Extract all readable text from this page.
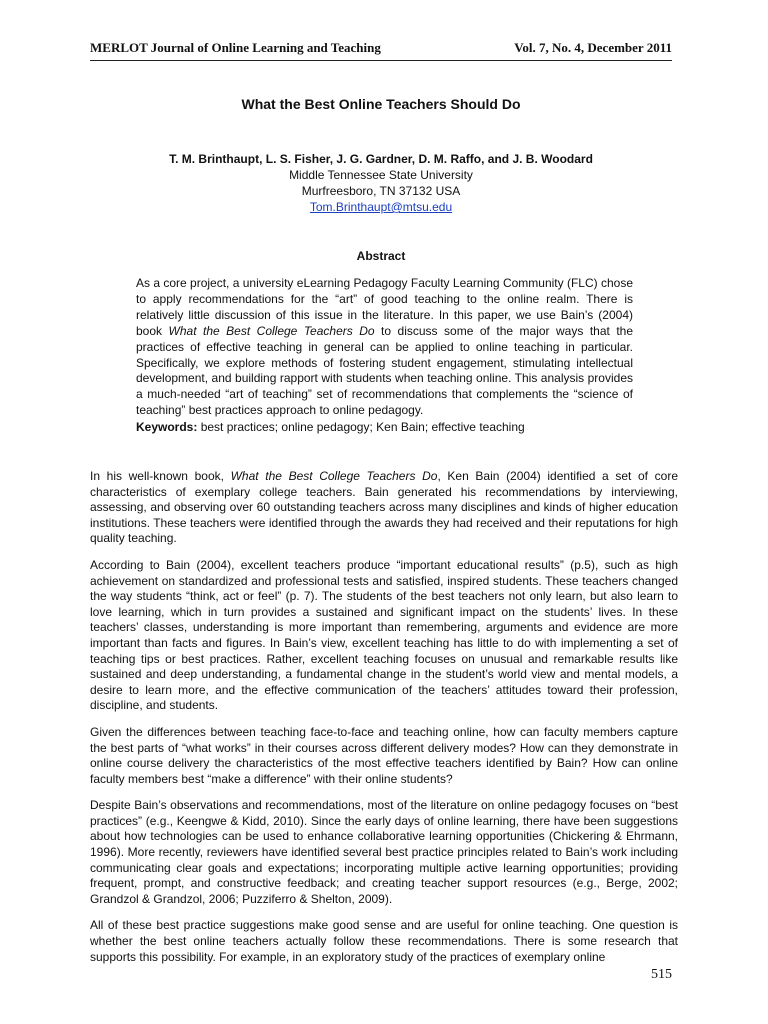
MERLOT Journal of Online Learning and Teaching	Vol. 7, No. 4, December 2011
What the Best Online Teachers Should Do
T. M. Brinthaupt, L. S. Fisher, J. G. Gardner, D. M. Raffo, and J. B. Woodard
Middle Tennessee State University
Murfreesboro, TN 37132 USA
Tom.Brinthaupt@mtsu.edu
Abstract

As a core project, a university eLearning Pedagogy Faculty Learning Community (FLC) chose to apply recommendations for the “art” of good teaching to the online realm. There is relatively little discussion of this issue in the literature. In this paper, we use Bain’s (2004) book What the Best College Teachers Do to discuss some of the major ways that the practices of effective teaching in general can be applied to online teaching in particular. Specifically, we explore methods of fostering student engagement, stimulating intellectual development, and building rapport with students when teaching online. This analysis provides a much-needed “art of teaching” set of recommendations that complements the “science of teaching” best practices approach to online pedagogy.

Keywords: best practices; online pedagogy; Ken Bain; effective teaching

In his well-known book, What the Best College Teachers Do, Ken Bain (2004) identified a set of core characteristics of exemplary college teachers. Bain generated his recommendations by interviewing, assessing, and observing over 60 outstanding teachers across many disciplines and kinds of higher education institutions. These teachers were identified through the awards they had received and their reputations for high quality teaching.

According to Bain (2004), excellent teachers produce “important educational results” (p.5), such as high achievement on standardized and professional tests and satisfied, inspired students. These teachers changed the way students “think, act or feel” (p. 7). The students of the best teachers not only learn, but also learn to love learning, which in turn provides a sustained and significant impact on the students’ lives. In these teachers’ classes, understanding is more important than remembering, arguments and evidence are more important than facts and figures. In Bain’s view, excellent teaching has little to do with implementing a set of teaching tips or best practices. Rather, excellent teaching focuses on unusual and remarkable results like sustained and deep understanding, a fundamental change in the student’s world view and mental models, a desire to learn more, and the effective communication of the teachers’ attitudes toward their profession, discipline, and students.

Given the differences between teaching face-to-face and teaching online, how can faculty members capture the best parts of “what works” in their courses across different delivery modes? How can they demonstrate in online course delivery the characteristics of the most effective teachers identified by Bain? How can online faculty members best “make a difference” with their online students?

Despite Bain’s observations and recommendations, most of the literature on online pedagogy focuses on “best practices” (e.g., Keengwe & Kidd, 2010). Since the early days of online learning, there have been suggestions about how technologies can be used to enhance collaborative learning opportunities (Chickering & Ehrmann, 1996). More recently, reviewers have identified several best practice principles related to Bain’s work including communicating clear goals and expectations; incorporating multiple active learning opportunities; providing frequent, prompt, and constructive feedback; and creating teacher support resources (e.g., Berge, 2002; Grandzol & Grandzol, 2006; Puzziferro & Shelton, 2009).

All of these best practice suggestions make good sense and are useful for online teaching. One question is whether the best online teachers actually follow these recommendations. There is some research that supports this possibility. For example, in an exploratory study of the practices of exemplary online

515
